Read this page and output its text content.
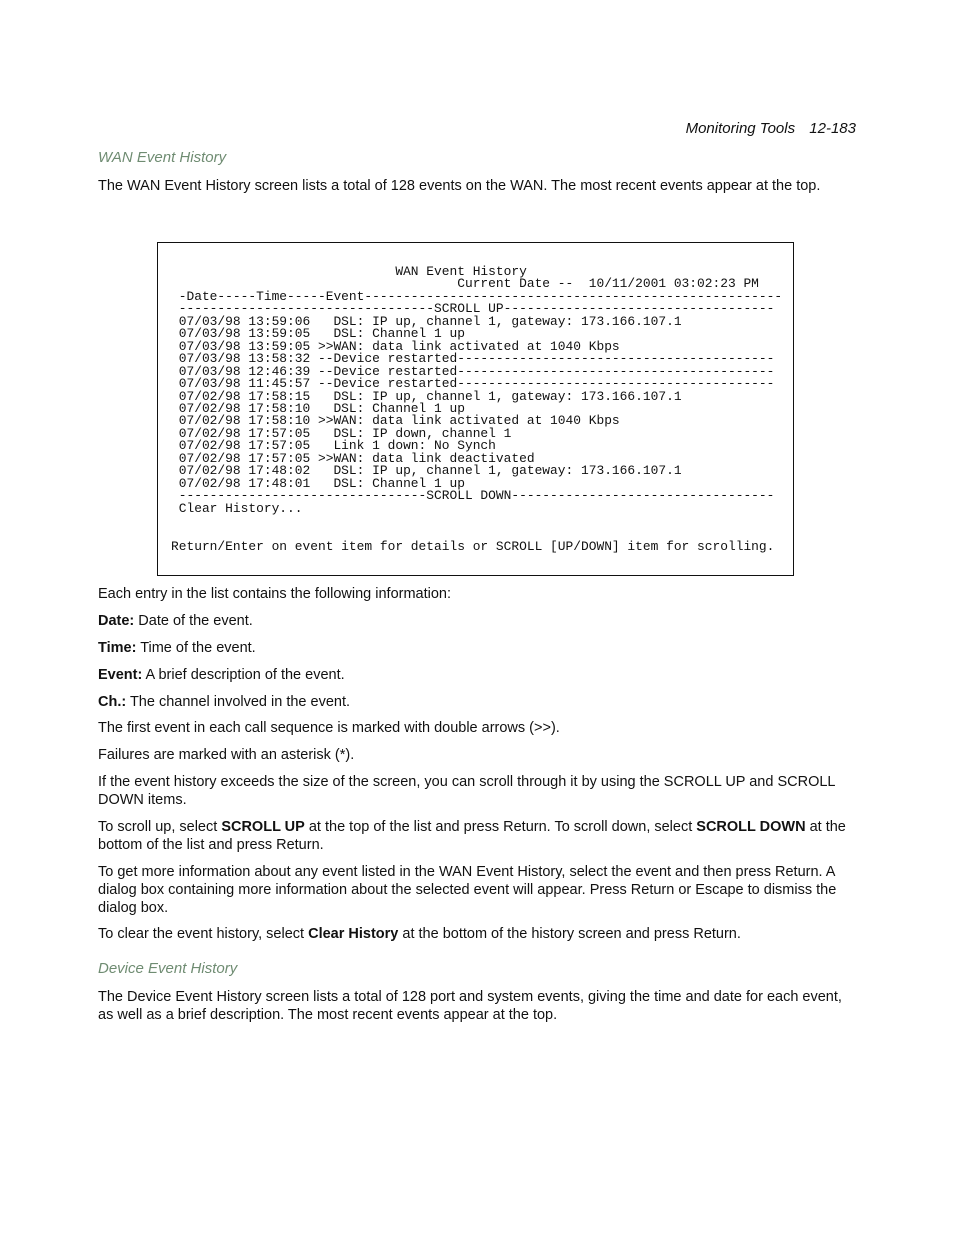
Monitoring Tools 12-183
WAN Event History

The WAN Event History screen lists a total of 128 events on the WAN. The most recent events appear at the top.

WAN Event History
Current Date --  10/11/2001 03:02:23 PM
-Date-----Time-----Event------------------------------------------------------
---------------------------------SCROLL UP-----------------------------------
07/03/98 13:59:06   DSL: IP up, channel 1, gateway: 173.166.107.1
07/03/98 13:59:05   DSL: Channel 1 up
07/03/98 13:59:05 >>WAN: data link activated at 1040 Kbps
07/03/98 13:58:32 --Device restarted-----------------------------------------
07/03/98 12:46:39 --Device restarted-----------------------------------------
07/03/98 11:45:57 --Device restarted-----------------------------------------
07/02/98 17:58:15   DSL: IP up, channel 1, gateway: 173.166.107.1
07/02/98 17:58:10   DSL: Channel 1 up
07/02/98 17:58:10 >>WAN: data link activated at 1040 Kbps
07/02/98 17:57:05   DSL: IP down, channel 1
07/02/98 17:57:05   Link 1 down: No Synch
07/02/98 17:57:05 >>WAN: data link deactivated
07/02/98 17:48:02   DSL: IP up, channel 1, gateway: 173.166.107.1
07/02/98 17:48:01   DSL: Channel 1 up
--------------------------------SCROLL DOWN----------------------------------
Clear History...
Return/Enter on event item for details or SCROLL [UP/DOWN] item for scrolling.

Each entry in the list contains the following information:

Date: Date of the event.

Time: Time of the event.

Event: A brief description of the event.

Ch.: The channel involved in the event.

The first event in each call sequence is marked with double arrows (>>).

Failures are marked with an asterisk (*).

If the event history exceeds the size of the screen, you can scroll through it by using the SCROLL UP and SCROLL DOWN items.

To scroll up, select SCROLL UP at the top of the list and press Return. To scroll down, select SCROLL DOWN at the bottom of the list and press Return.

To get more information about any event listed in the WAN Event History, select the event and then press Return. A dialog box containing more information about the selected event will appear. Press Return or Escape to dismiss the dialog box.

To clear the event history, select Clear History at the bottom of the history screen and press Return.

Device Event History

The Device Event History screen lists a total of 128 port and system events, giving the time and date for each event, as well as a brief description. The most recent events appear at the top.
